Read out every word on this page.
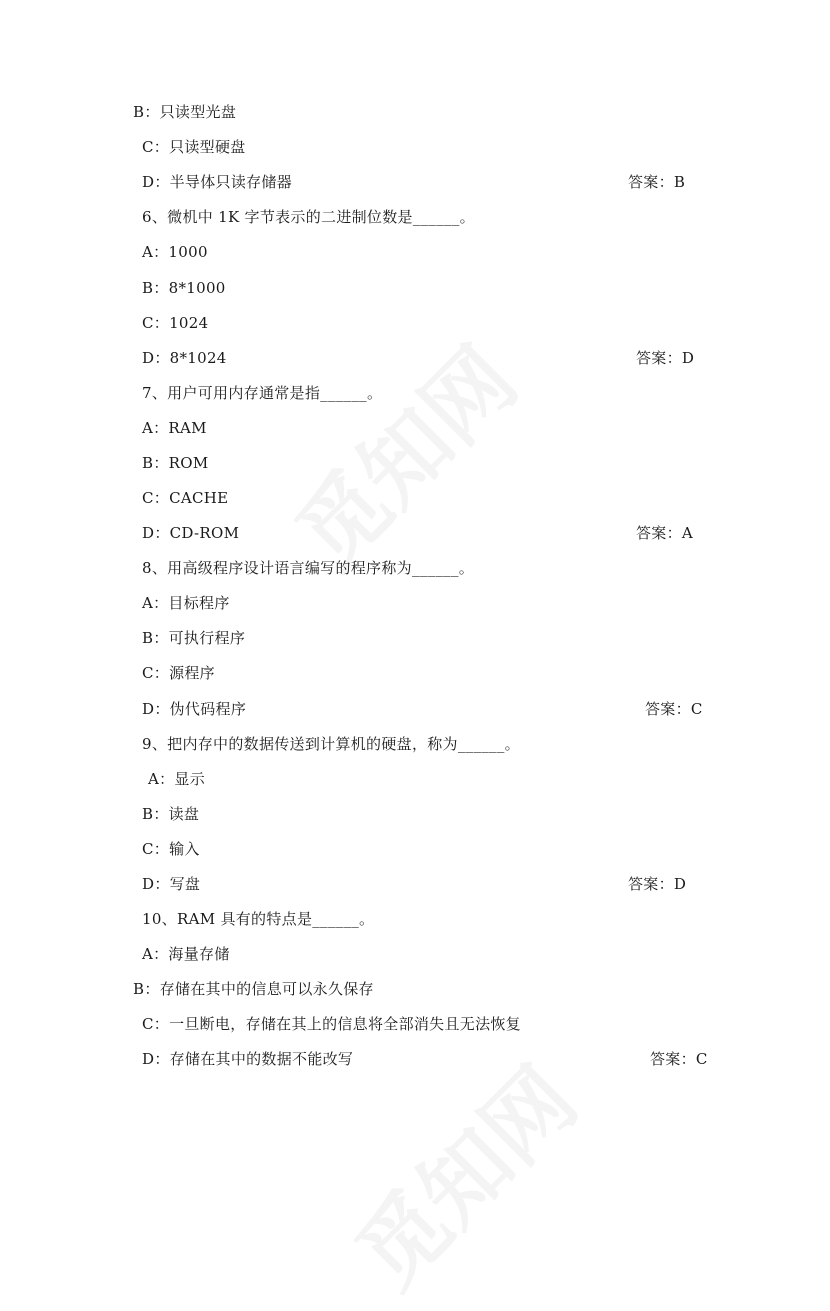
B：只读型光盘
C：只读型硬盘
D：半导体只读存储器	答案：B
6、微机中 1K 字节表示的二进制位数是______。
A：1000
B：8*1000
C：1024
D：8*1024	答案：D
7、用户可用内存通常是指______。
A：RAM
B：ROM
C：CACHE
D：CD-ROM	答案：A
8、用高级程序设计语言编写的程序称为______。
A：目标程序
B：可执行程序
C：源程序
D：伪代码程序	答案：C
9、把内存中的数据传送到计算机的硬盘，称为______。
A：显示
B：读盘
C：输入
D：写盘	答案：D
10、RAM 具有的特点是______。
A：海量存储
B：存储在其中的信息可以永久保存
C：一旦断电，存储在其上的信息将全部消失且无法恢复
D：存储在其中的数据不能改写	答案：C
